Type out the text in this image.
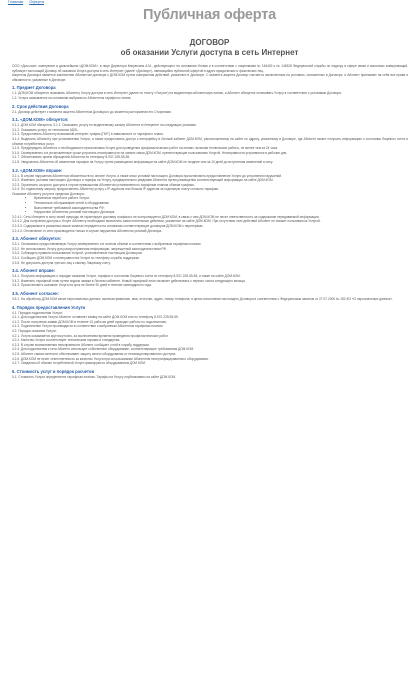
Главная Оферта
Публичная оферта
ДОГОВОР
об оказании Услуги доступа в сеть Интернет

ООО «Дом.ком», именуемое в дальнейшем «ДОМ.КОМ», в лице Директора Кипрюхина А.М., действующего на основании Устава и в соответствии с лицензиями № 146402 и № 146328 Федеральной службы по надзору в сфере связи и массовых коммуникаций, публикует настоящий Договор об оказании Услуги доступа в сеть Интернет (далее «Договор»), являющийся публичной офертой в адрес юридических и физических лиц.

Акцептом Договора является заключение Абонентом договора с ДОМ.КОМ путем совершения действий, указанных в Договоре. С момента акцепта Договор считается заключенным на условиях, изложенных в Договоре, и Абонент принимает на себя все права и обязанности, указанные в Договоре.

1. Предмет Договора

1.1. ДОМ.КОМ обязуется оказывать Абоненту Услугу доступа в сеть Интернет (далее по тексту «Услуга») на выделенную абонентскую линию, а Абонент обязуется оплачивать Услугу в соответствии с условиями Договора.

1.2. Услуга оказывается на основании выбранного Абонентом тарифного плана.

2. Срок действия Договора

2.1. Договор действует с момента акцепта Абонентом Договора и до момента расторжения его Сторонами.

3.1. «ДОМ.КОМ» обязуется:

3.1.1. ДОМ.КОМ обязуется: 3.1.1. Оказывать услугу по выделенному каналу Абонента в Интернете на следующих условиях.

3.1.2. Оказывать услугу по технологии ADSL.

3.1.3. Предоставить Абоненту возможный интернет-трафик (ПИТ) в зависимости от тарифного плана.

3.1.4. Выделить Абоненту при установлении Услуги, а также предоставить доступ к интерфейсу в Личный кабинет ДОМ.КОМ, расположенному на сайте по адресу, указанному в Договоре, где Абонент может получить информацию о состоянии Лицевого счета и объеме потребленных услуг.

3.1.5. Предупредить Абонента о необходимости приостановки Услуги для проведения профилактических работ на линиях, включая технические работы, не менее чем за 24 часа.

3.1.6. Своевременно и в установленные сроки устранять неисправности на линиях связи ДОМ.КОМ, препятствующие пользованию Услугой. Неисправности устраняются в рабочие дни.

3.1.7. Обеспечивать прием обращений Абонента по телефону 8-937-228-55-55.

3.1.8. Уведомлять Абонента об изменении тарифов на Услугу путем размещения информации на сайте ДОМ.КОМ не позднее чем за 10 дней до вступления изменений в силу.

3.2. «ДОМ.КОМ» вправе:

3.2.1. В случае нарушения Абонентом обязательств по оплате Услуги, а также иных условий настоящего Договора приостановить предоставление Услуги до устранения нарушений.

3.2.2. Изменять условия настоящего Договора и тарифы на Услугу, предварительно уведомив Абонента путем размещения соответствующей информации на сайте ДОМ.КОМ.

3.2.3. Ограничить скорость доступа в случае превышения Абонентом установленного тарифным планом объема трафика.

3.2.4. По отдельному запросу предоставлять Абоненту услугу с IP-адресом или блоком IP-адресов за отдельную плату согласно тарифам.

Оказание Абоненту услуги в пределах Договора:

• Временные перебои в работе Услуги;
• Техническое обслуживание сетей и оборудования;
• Выполнение требований законодательства РФ;
• Нарушение Абонентом условий настоящего Договора.

3.2.4.1. Сеть Интернет в силу своей природы не гарантирует доставку трафика и не контролируется ДОМ.КОМ, в связи с чем ДОМ.КОМ не несет ответственность за содержание передаваемой информации.

3.2.4.2. Для получения доступа к Услуге Абоненту необходимо выполнить самостоятельные действия, указанные на сайте ДОМ.КОМ. При отсутствии этих действий Абонент не сможет пользоваться Услугой.

3.2.4.3. Содержимое в указанных выше каналах передается на основании соответствующих договоров ДОМ.КОМ с партнерами.

3.2.4.4. Отключение от сети производится только в случае нарушения Абонентом условий Договора.

3.3. Абонент обязуется:

3.3.1. Оплачивать предоставляемую Услугу своевременно и в полном объеме в соответствии с выбранным тарифным планом.

3.3.2. Не использовать Услугу для распространения информации, запрещенной законодательством РФ.

3.3.3. Соблюдать правила пользования Услугой, установленные настоящим Договором.

3.3.4. Сообщать ДОМ.КОМ о неисправностях Услуги по телефону службы поддержки.

3.3.5. Не допускать доступа третьих лиц к своему Лицевому счету.

3.4. Абонент вправе:

3.4.1. Получать информацию о порядке оказания Услуги, тарифах и состоянии Лицевого счета по телефону 8-937-228-55-55, а также на сайте ДОМ.КОМ.

3.4.2. Изменять тарифный план путем подачи заявки в Личном кабинете. Новый тарифный план начинает действовать с первого числа следующего месяца.

3.4.3. Приостановить оказание Услуги на срок не более 90 дней в течение календарного года.

3.5. Абонент согласен:

3.5.1. На обработку ДОМ.КОМ своих персональных данных, включая фамилию, имя, отчество, адрес, номер телефона, в целях исполнения настоящего Договора в соответствии с Федеральным законом от 27.07.2006 № 152-ФЗ «О персональных данных».

4. Порядок предоставления Услуги

4.1. Порядок подключения Услуги:

4.1.1. Для подключения Услуги Абонент оставляет заявку на сайте ДОМ.КОМ или по телефону 8-937-228-55-55.

4.1.2. После получения заявки ДОМ.КОМ в течение 10 рабочих дней проводит работы по подключению.

4.1.3. Подключение Услуги производится в соответствии с выбранным Абонентом тарифным планом.

4.2. Порядок оказания Услуги:

4.2.1. Услуга оказывается круглосуточно, за исключением времени проведения профилактических работ.

4.2.2. Качество Услуги соответствует техническим нормам и стандартам.

4.2.3. В случае возникновения неисправности Абонент сообщает о ней в службу поддержки.

4.2.4. Для подключения к сети Абонент использует собственное оборудование, соответствующее требованиям ДОМ.КОМ.

4.2.5. Абонент самостоятельно обеспечивает защиту своего оборудования от несанкционированного доступа.

4.2.6. ДОМ.КОМ не несет ответственность за качество Услуги при использовании Абонентом несертифицированного оборудования.

4.2.7. Сведения об объеме потребленной Услуги фиксируются оборудованием ДОМ.КОМ.

5. Стоимость услуг и порядок расчетов

5.1. Стоимость Услуги определяется тарифным планом. Тарифы на Услугу опубликованы на сайте ДОМ.КОМ.
